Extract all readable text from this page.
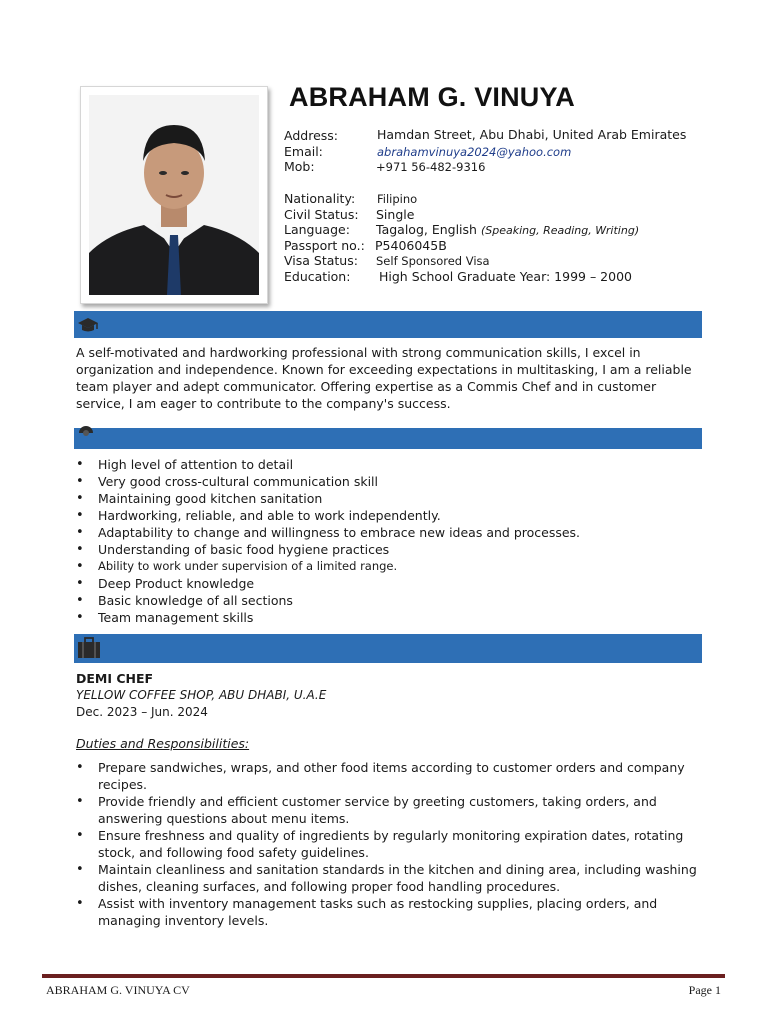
ABRAHAM G. VINUYA
Address:	Hamdan Street, Abu Dhabi, United Arab Emirates
Email:	abrahamvinuya2024@yahoo.com
Mob:	+971 56-482-9316
Nationality: Filipino
Civil Status: Single
Language: Tagalog, English (Speaking, Reading, Writing)
Passport no.: P5406045B
Visa Status: Self Sponsored Visa
Education: High School Graduate Year: 1999 – 2000
A self-motivated and hardworking professional with strong communication skills, I excel in organization and independence. Known for exceeding expectations in multitasking, I am a reliable team player and adept communicator. Offering expertise as a Commis Chef and in customer service, I am eager to contribute to the company's success.
• High level of attention to detail
• Very good cross-cultural communication skill
• Maintaining good kitchen sanitation
• Hardworking, reliable, and able to work independently.
• Adaptability to change and willingness to embrace new ideas and processes.
• Understanding of basic food hygiene practices
• Ability to work under supervision of a limited range.
• Deep Product knowledge
• Basic knowledge of all sections
• Team management skills
DEMI CHEF
YELLOW COFFEE SHOP, ABU DHABI, U.A.E
Dec. 2023 – Jun. 2024
Duties and Responsibilities:
• Prepare sandwiches, wraps, and other food items according to customer orders and company recipes.
• Provide friendly and efficient customer service by greeting customers, taking orders, and answering questions about menu items.
• Ensure freshness and quality of ingredients by regularly monitoring expiration dates, rotating stock, and following food safety guidelines.
• Maintain cleanliness and sanitation standards in the kitchen and dining area, including washing dishes, cleaning surfaces, and following proper food handling procedures.
• Assist with inventory management tasks such as restocking supplies, placing orders, and managing inventory levels.
ABRAHAM G. VINUYA CV	Page 1
